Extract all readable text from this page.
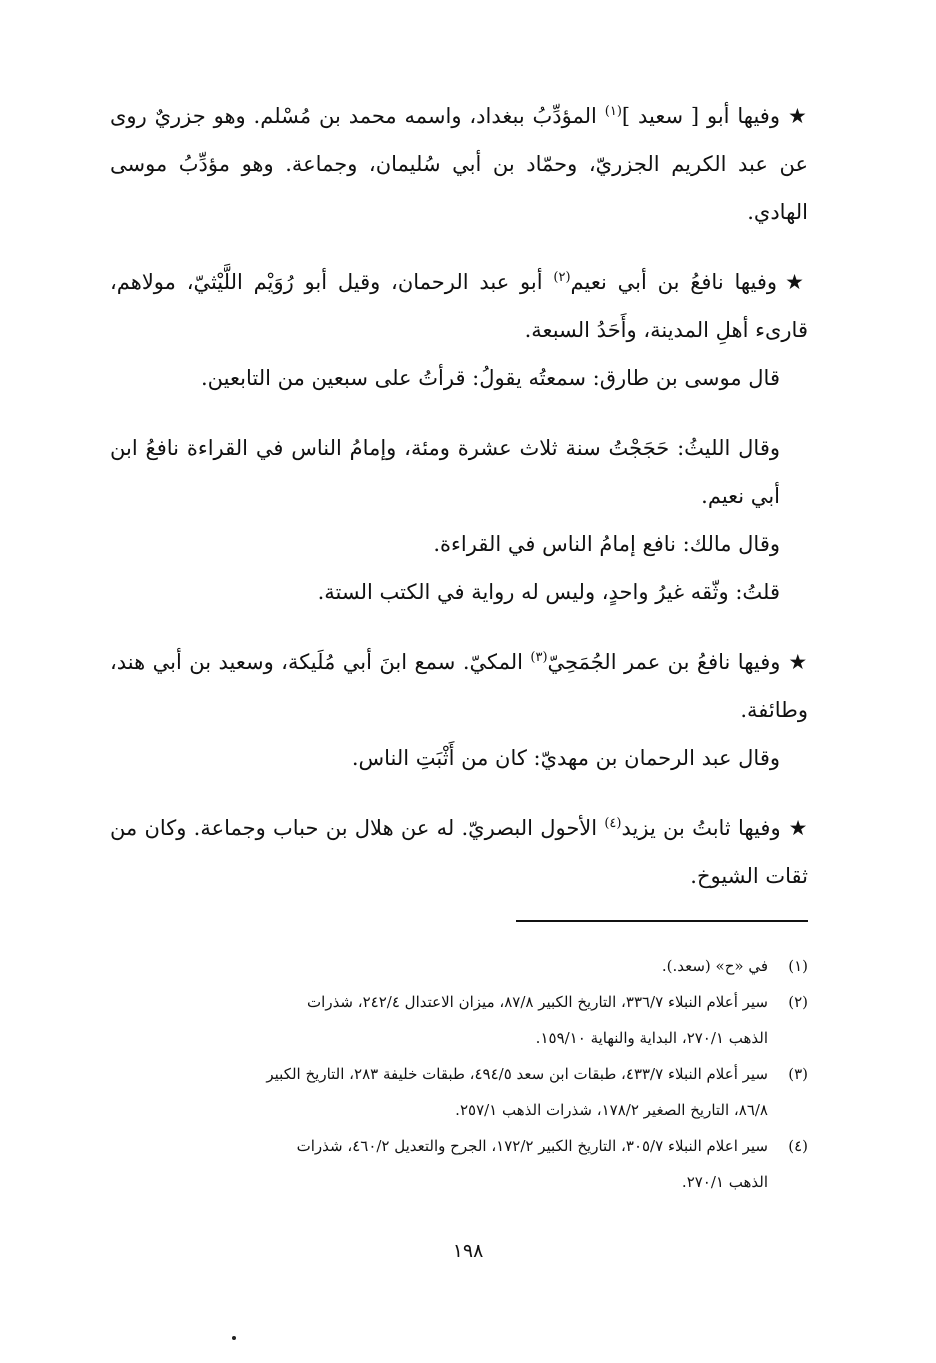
★وفيها أبو [ سعيد ]$^{(١)}$ المؤدِّبُ ببغداد، واسمه محمد بن مُسْلم. وهو جزريٌ روى عن عبد الكريم الجزريّ، وحمّاد بن أبي سُليمان، وجماعة. وهو مؤدِّبُ موسى الهادي.

★وفيها نافعُ بن أبي نعيم$^{(٢)}$ أبو عبد الرحمان، وقيل أبو رُوَيْم اللَّيْثيّ، مولاهم، قارىء أهلِ المدينة، وأَحَدُ السبعة.

قال موسى بن طارق: سمعتُه يقولُ: قرأتُ على سبعين من التابعين.

وقال الليثُ: حَجَجْتُ سنة ثلاث عشرة ومئة، وإمامُ الناس في القراءة نافعُ ابن أبي نعيم.

وقال مالك: نافع إمامُ الناس في القراءة.

قلتُ: وثّقه غيرُ واحدٍ، وليس له رواية في الكتب الستة.

★وفيها نافعُ بن عمر الجُمَحِيّ$^{(٣)}$ المكيّ. سمع ابنَ أبي مُلَيكة، وسعيد بن أبي هند، وطائفة.

وقال عبد الرحمان بن مهديّ: كان من أَثْبَتِ الناس.

★وفيها ثابتُ بن يزيد$^{(٤)}$ الأحول البصريّ. له عن هلال بن حباب وجماعة. وكان من ثقات الشيوخ.

(١)في «ح» (سعد.).

(٢)سير أعلام النبلاء ٣٣٦/٧، التاريخ الكبير ٨٧/٨، ميزان الاعتدال ٢٤٢/٤، شذرات
الذهب ٢٧٠/١، البداية والنهاية ١٥٩/١٠.

(٣)سير أعلام النبلاء ٤٣٣/٧، طبقات ابن سعد ٤٩٤/٥، طبقات خليفة ٢٨٣، التاريخ الكبير
٨٦/٨، التاريخ الصغير ١٧٨/٢، شذرات الذهب ٢٥٧/١.

(٤)سير اعلام النبلاء ٣٠٥/٧، التاريخ الكبير ١٧٢/٢، الجرح والتعديل ٤٦٠/٢، شذرات
الذهب ٢٧٠/١.

١٩٨
